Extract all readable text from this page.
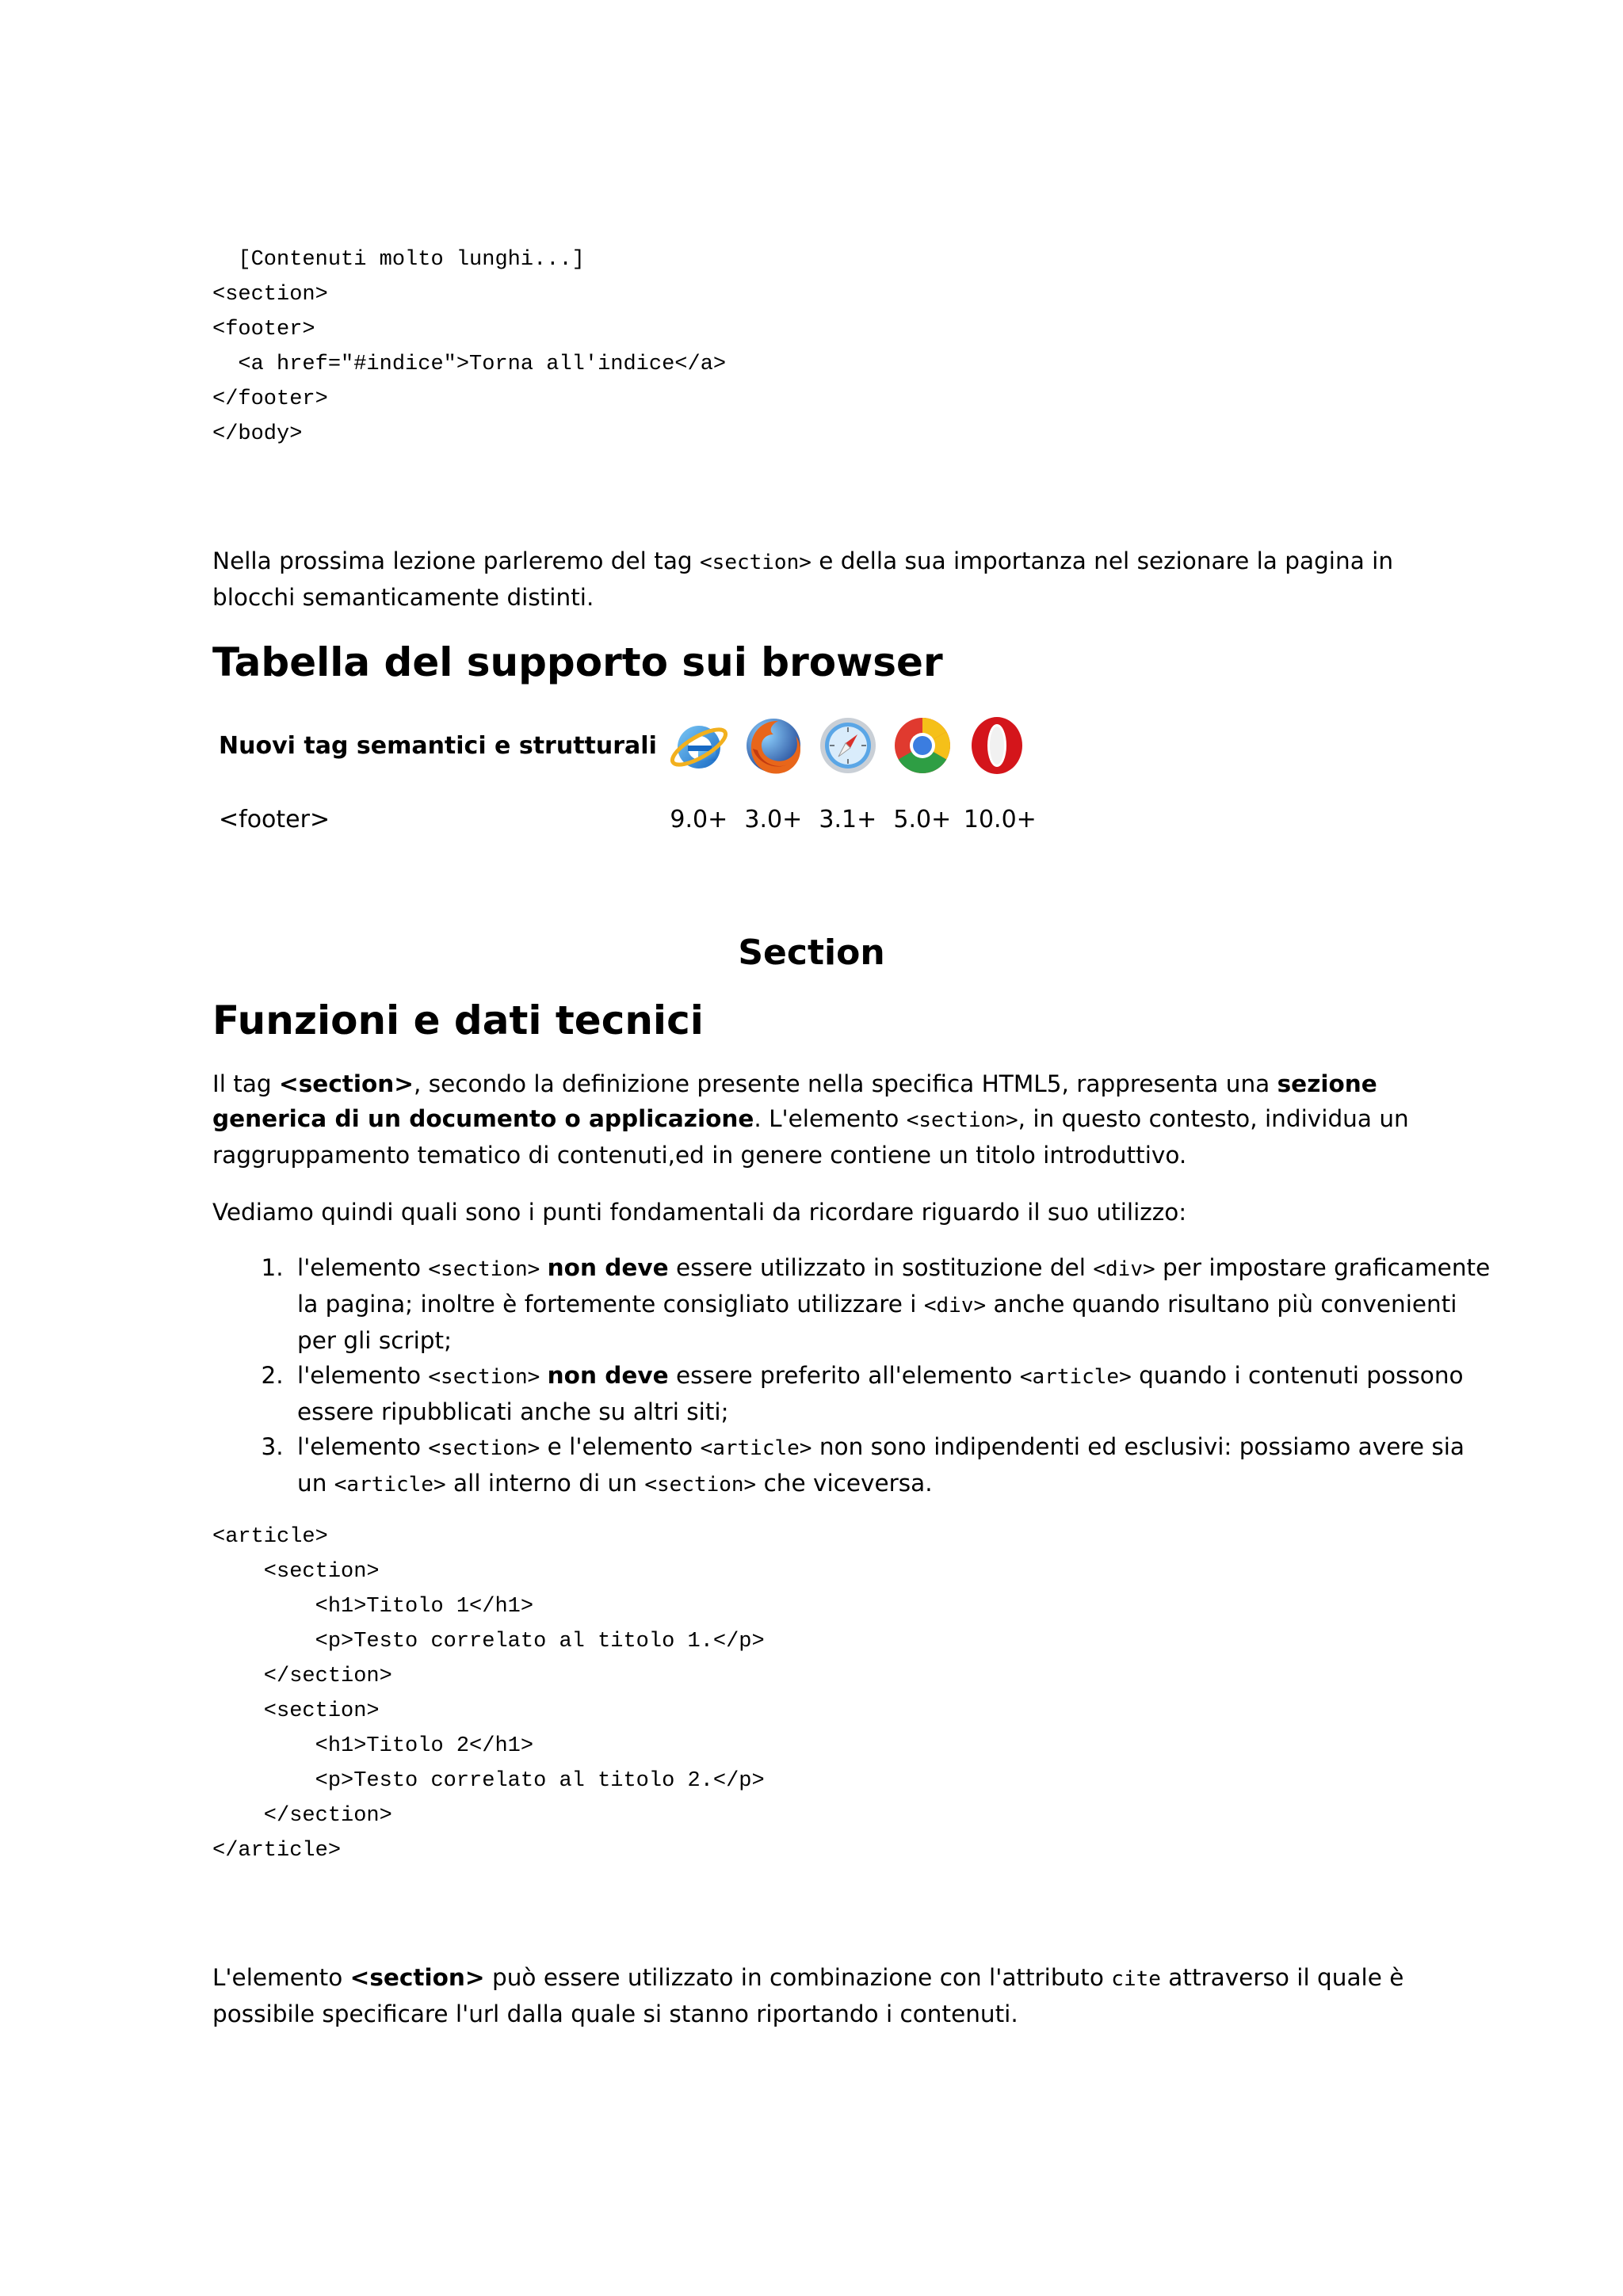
[Contenuti molto lunghi...]
<section>
<footer>
<a href="#indice">Torna all'indice</a>
</footer>
</body>

Nella prossima lezione parleremo del tag <section> e della sua importanza nel sezionare la pagina in blocchi semanticamente distinti.

Tabella del supporto sui browser
Nuovi tag semantici e strutturali	

<footer>	9.0+	3.0+	3.1+	5.0+	10.0+
Section
Funzioni e dati tecnici

Il tag <section>, secondo la definizione presente nella specifica HTML5, rappresenta una sezione generica di un documento o applicazione. L'elemento <section>, in questo contesto, individua un raggruppamento tematico di contenuti,ed in genere contiene un titolo introduttivo.

Vediamo quindi quali sono i punti fondamentali da ricordare riguardo il suo utilizzo:

1. l'elemento <section> non deve essere utilizzato in sostituzione del <div> per impostare graficamente la pagina; inoltre è fortemente consigliato utilizzare i <div> anche quando risultano più convenienti per gli script;
2. l'elemento <section> non deve essere preferito all'elemento <article> quando i contenuti possono essere ripubblicati anche su altri siti;
3. l'elemento <section> e l'elemento <article> non sono indipendenti ed esclusivi: possiamo avere sia un <article> all interno di un <section> che viceversa.
<article>
<section>
<h1>Titolo 1</h1>
<p>Testo correlato al titolo 1.</p>
</section>
<section>
<h1>Titolo 2</h1>
<p>Testo correlato al titolo 2.</p>
</section>
</article>

L'elemento <section> può essere utilizzato in combinazione con l'attributo cite attraverso il quale è possibile specificare l'url dalla quale si stanno riportando i contenuti.
